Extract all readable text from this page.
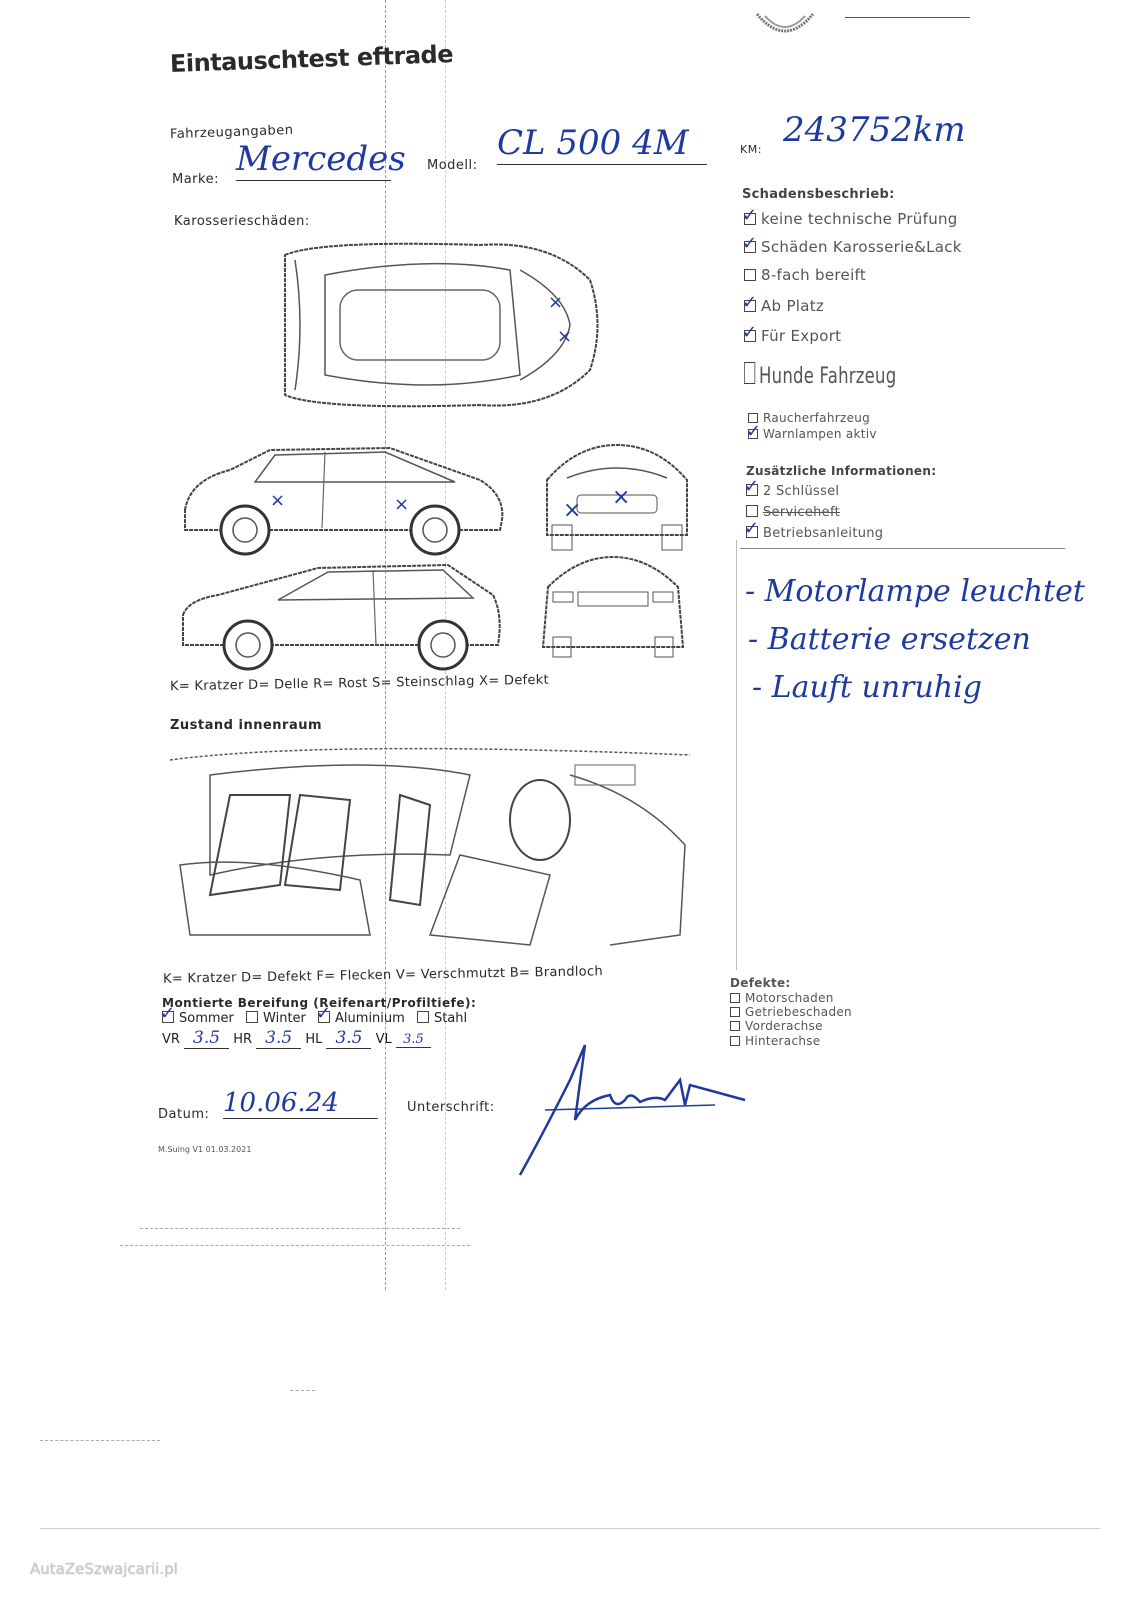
Eintauschtest eftrade
Fahrzeugangaben
Marke:
Mercedes Modell:
CL 500 4M	KM: 243752km
Karosserieschäden:
×
×
×	×	×
×
K= Kratzer D= Delle R= Rost S= Steinschlag X= Defekt
Zustand innenraum
K= Kratzer D= Defekt F= Flecken V= Verschmutzt B= Brandloch
Montierte Bereifung (Reifenart/Profiltiefe):
✓Sommer Winter ✓ Aluminium Stahl
VR 3.5 HR 3.5 HL 3.5 VL 3.5
Datum: 10.06.24	Unterschrift:
M.Suing V1 01.03.2021
Schadensbeschrieb:
✓keine technische Prüfung
✓Schäden Karosserie&Lack
8-fach bereift
✓Ab Platz
✓Für Export
Hunde Fahrzeug
Raucherfahrzeug
✓Warnlampen aktiv
Zusätzliche Informationen:
✓2 Schlüssel
Serviceheft
✓Betriebsanleitung
- Motorlampe leuchtet
- Batterie ersetzen
- Lauft unruhig
Defekte:
Motorschaden
Getriebeschaden
Vorderachse
Hinterachse
AutaZeSzwajcarii.pl
